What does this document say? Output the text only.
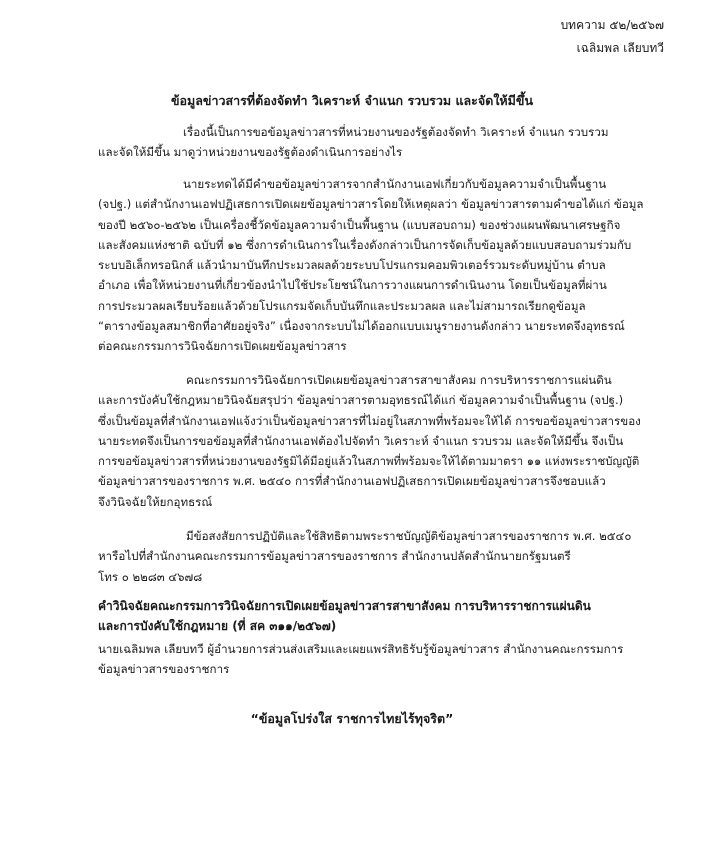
บทความ ๕๒/๒๕๖๗
เฉลิมพล เลียบทวี
ข้อมูลข่าวสารที่ต้องจัดทำ วิเคราะห์ จำแนก รวบรวม และจัดให้มีขึ้น
เรื่องนี้เป็นการขอข้อมูลข่าวสารที่หน่วยงานของรัฐต้องจัดทำ วิเคราะห์ จำแนก รวบรวม
และจัดให้มีขึ้น มาดูว่าหน่วยงานของรัฐต้องดำเนินการอย่างไร
นายระทดได้มีคำขอข้อมูลข่าวสารจากสำนักงานเอฟเกี่ยวกับข้อมูลความจำเป็นพื้นฐาน
(จปฐ.) แต่สำนักงานเอฟปฏิเสธการเปิดเผยข้อมูลข่าวสารโดยให้เหตุผลว่า ข้อมูลข่าวสารตามคำขอได้แก่ ข้อมูล
ของปี ๒๕๖๐-๒๕๖๒ เป็นเครื่องชี้วัดข้อมูลความจำเป็นพื้นฐาน (แบบสอบถาม) ของช่วงแผนพัฒนาเศรษฐกิจ
และสังคมแห่งชาติ ฉบับที่ ๑๒ ซึ่งการดำเนินการในเรื่องดังกล่าวเป็นการจัดเก็บข้อมูลด้วยแบบสอบถามร่วมกับ
ระบบอิเล็กทรอนิกส์ แล้วนำมาบันทึกประมวลผลด้วยระบบโปรแกรมคอมพิวเตอร์รวมระดับหมู่บ้าน ตำบล
อำเภอ เพื่อให้หน่วยงานที่เกี่ยวข้องนำไปใช้ประโยชน์ในการวางแผนการดำเนินงาน โดยเป็นข้อมูลที่ผ่าน
การประมวลผลเรียบร้อยแล้วด้วยโปรแกรมจัดเก็บบันทึกและประมวลผล และไม่สามารถเรียกดูข้อมูล
“ตารางข้อมูลสมาชิกที่อาศัยอยู่จริง” เนื่องจากระบบไม่ได้ออกแบบเมนูรายงานดังกล่าว นายระทดจึงอุทธรณ์
ต่อคณะกรรมการวินิจฉัยการเปิดเผยข้อมูลข่าวสาร
คณะกรรมการวินิจฉัยการเปิดเผยข้อมูลข่าวสารสาขาสังคม การบริหารราชการแผ่นดิน
และการบังคับใช้กฎหมายวินิจฉัยสรุปว่า ข้อมูลข่าวสารตามอุทธรณ์ได้แก่ ข้อมูลความจำเป็นพื้นฐาน (จปฐ.)
ซึ่งเป็นข้อมูลที่สำนักงานเอฟแจ้งว่าเป็นข้อมูลข่าวสารที่ไม่อยู่ในสภาพที่พร้อมจะให้ได้ การขอข้อมูลข่าวสารของ
นายระทดจึงเป็นการขอข้อมูลที่สำนักงานเอฟต้องไปจัดทำ วิเคราะห์ จำแนก รวบรวม และจัดให้มีขึ้น จึงเป็น
การขอข้อมูลข่าวสารที่หน่วยงานของรัฐมิได้มีอยู่แล้วในสภาพที่พร้อมจะให้ได้ตามมาตรา ๑๑ แห่งพระราชบัญญัติ
ข้อมูลข่าวสารของราชการ พ.ศ. ๒๕๔๐ การที่สำนักงานเอฟปฏิเสธการเปิดเผยข้อมูลข่าวสารจึงชอบแล้ว
จึงวินิจฉัยให้ยกอุทธรณ์
มีข้อสงสัยการปฏิบัติและใช้สิทธิตามพระราชบัญญัติข้อมูลข่าวสารของราชการ พ.ศ. ๒๕๔๐
หารือไปที่สำนักงานคณะกรรมการข้อมูลข่าวสารของราชการ สำนักงานปลัดสำนักนายกรัฐมนตรี
โทร ๐ ๒๒๘๓ ๔๖๗๘
คำวินิจฉัยคณะกรรมการวินิจฉัยการเปิดเผยข้อมูลข่าวสารสาขาสังคม การบริหารราชการแผ่นดิน
และการบังคับใช้กฎหมาย (ที่ สค ๓๑๑/๒๕๖๗)
นายเฉลิมพล เลียบทวี ผู้อำนวยการส่วนส่งเสริมและเผยแพร่สิทธิรับรู้ข้อมูลข่าวสาร สำนักงานคณะกรรมการ
ข้อมูลข่าวสารของราชการ
“ข้อมูลโปร่งใส ราชการไทยไร้ทุจริต”
